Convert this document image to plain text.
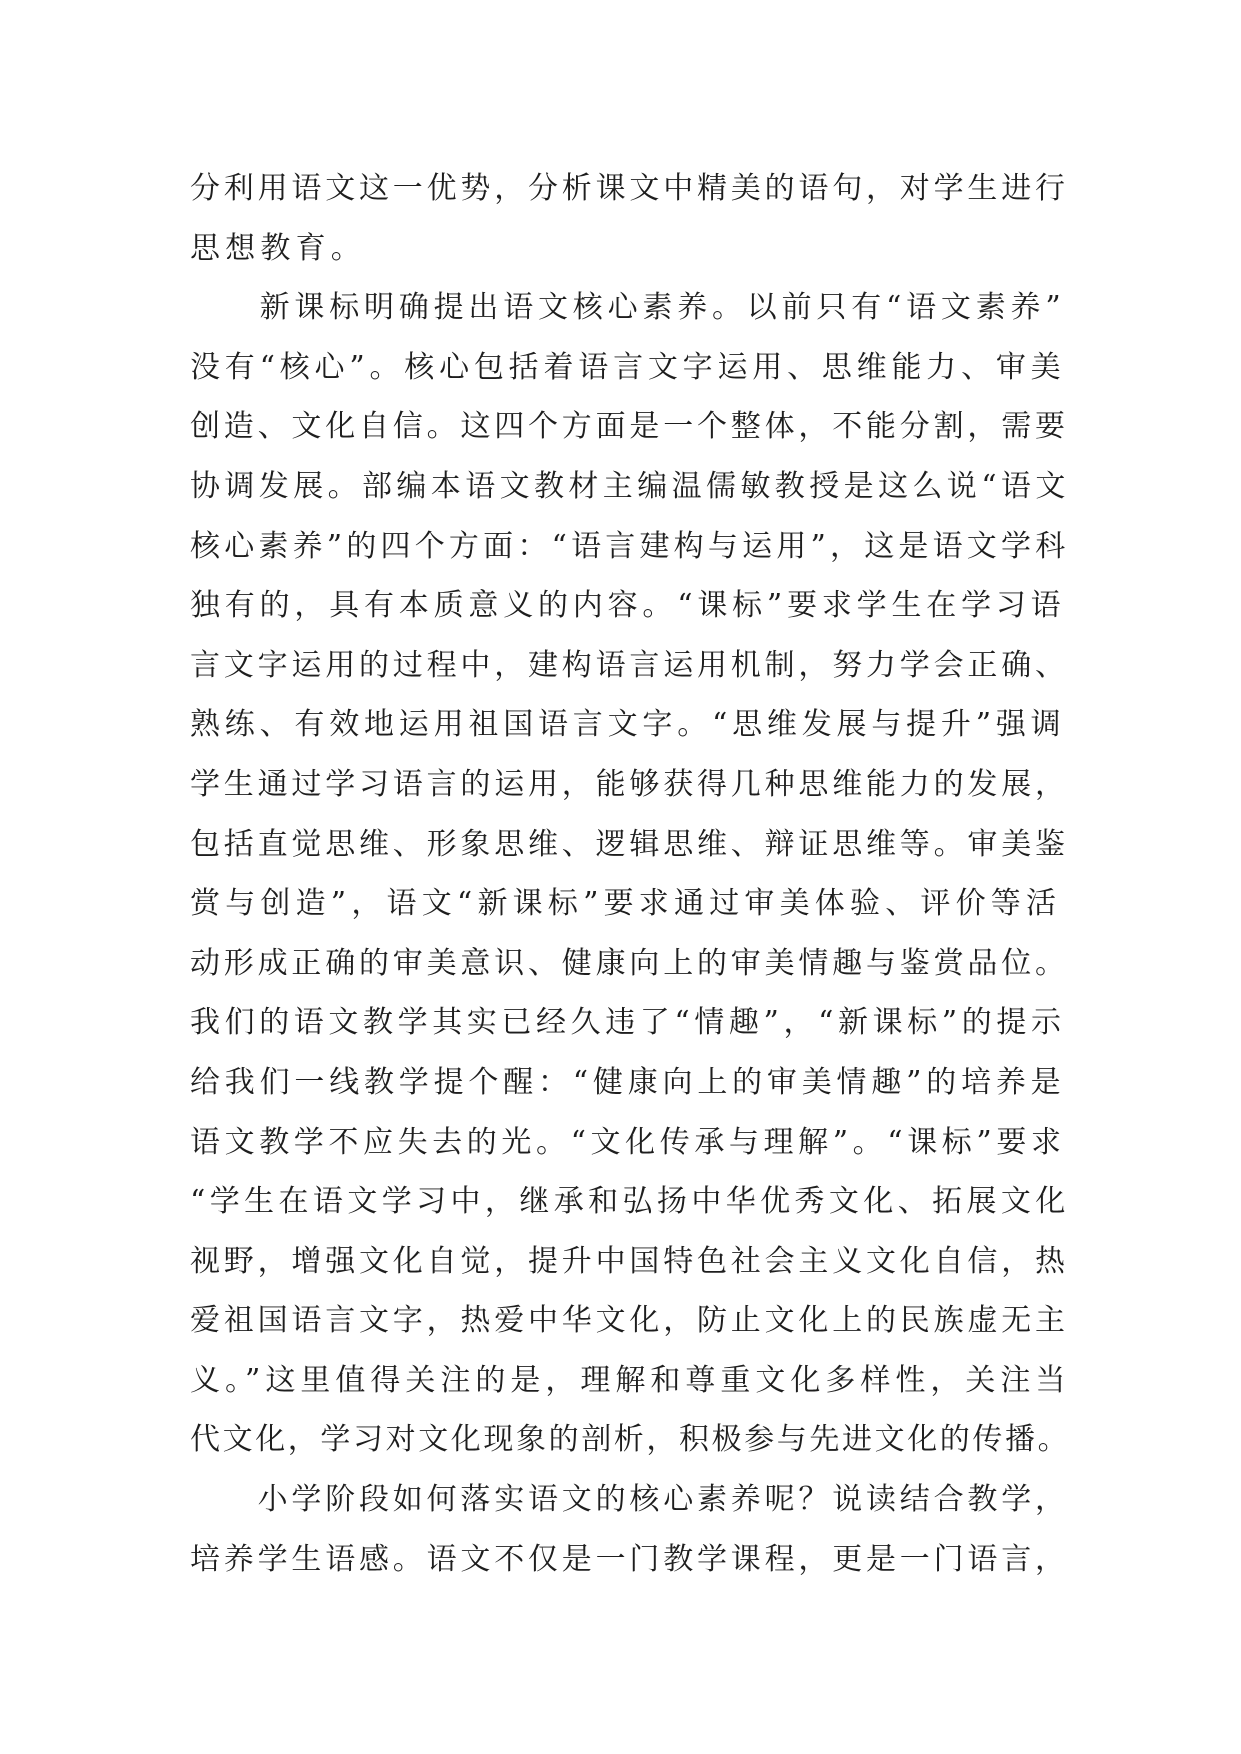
分利用语文这一优势，分析课文中精美的语句，对学生进行
思想教育。
　　新课标明确提出语文核心素养。以前只有“语文素养”
没有“核心”。核心包括着语言文字运用、思维能力、审美
创造、文化自信。这四个方面是一个整体，不能分割，需要
协调发展。部编本语文教材主编温儒敏教授是这么说“语文
核心素养”的四个方面：“语言建构与运用”，这是语文学科
独有的，具有本质意义的内容。“课标”要求学生在学习语
言文字运用的过程中，建构语言运用机制，努力学会正确、
熟练、有效地运用祖国语言文字。“思维发展与提升”强调
学生通过学习语言的运用，能够获得几种思维能力的发展，
包括直觉思维、形象思维、逻辑思维、辩证思维等。审美鉴
赏与创造”，语文“新课标”要求通过审美体验、评价等活
动形成正确的审美意识、健康向上的审美情趣与鉴赏品位。
我们的语文教学其实已经久违了“情趣”，“新课标”的提示
给我们一线教学提个醒：“健康向上的审美情趣”的培养是
语文教学不应失去的光。“文化传承与理解”。“课标”要求
“学生在语文学习中，继承和弘扬中华优秀文化、拓展文化
视野，增强文化自觉，提升中国特色社会主义文化自信，热
爱祖国语言文字，热爱中华文化，防止文化上的民族虚无主
义。”这里值得关注的是，理解和尊重文化多样性，关注当
代文化，学习对文化现象的剖析，积极参与先进文化的传播。
　　小学阶段如何落实语文的核心素养呢？说读结合教学，
培养学生语感。语文不仅是一门教学课程，更是一门语言，
